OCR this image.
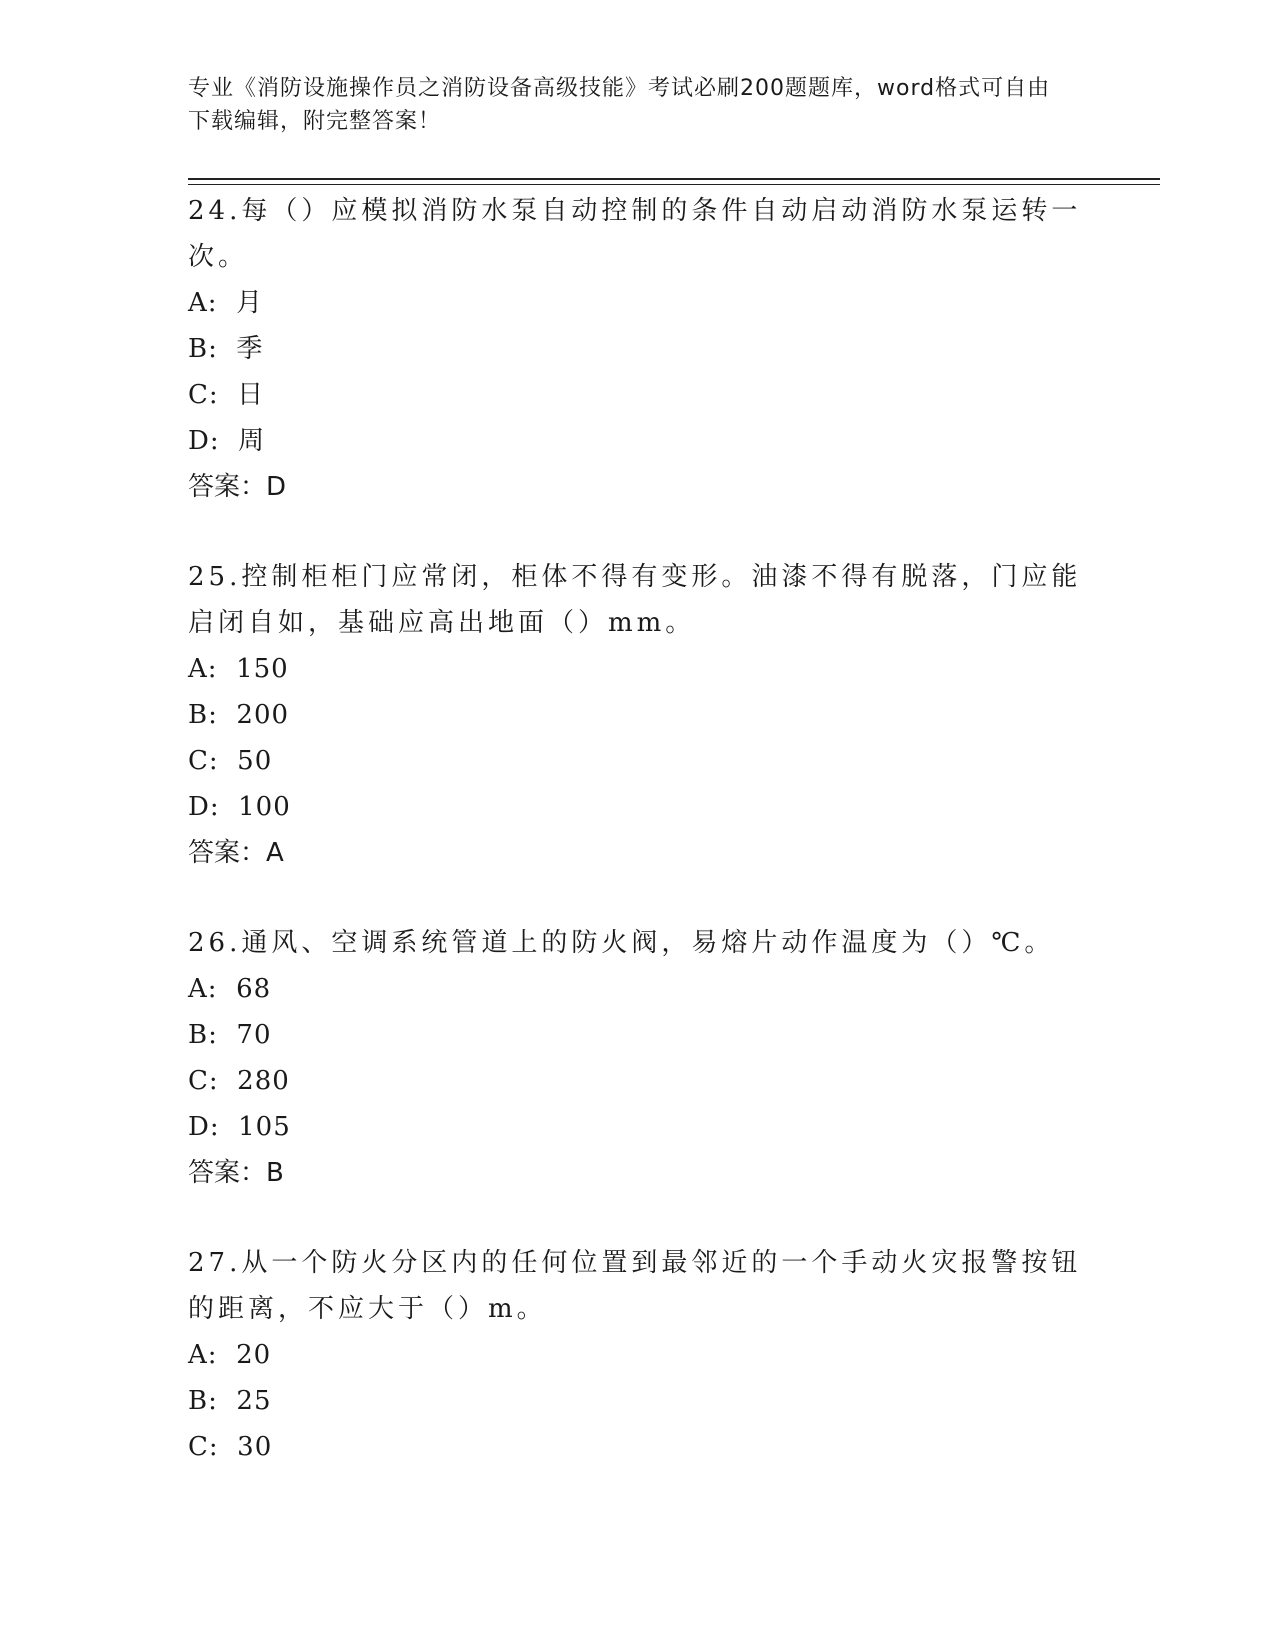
专业《消防设施操作员之消防设备高级技能》考试必刷200题题库，word格式可自由下载编辑，附完整答案！

24.每（）应模拟消防水泵自动控制的条件自动启动消防水泵运转一次。

A:  月

B:  季

C:  日

D:  周

答案：D

25.控制柜柜门应常闭，柜体不得有变形。油漆不得有脱落，门应能启闭自如，基础应高出地面（）mm。

A:  150

B:  200

C:  50

D:  100

答案：A

26.通风、空调系统管道上的防火阀，易熔片动作温度为（）℃。

A:  68

B:  70

C:  280

D:  105

答案：B

27.从一个防火分区内的任何位置到最邻近的一个手动火灾报警按钮的距离，不应大于（）m。

A:  20

B:  25

C:  30
